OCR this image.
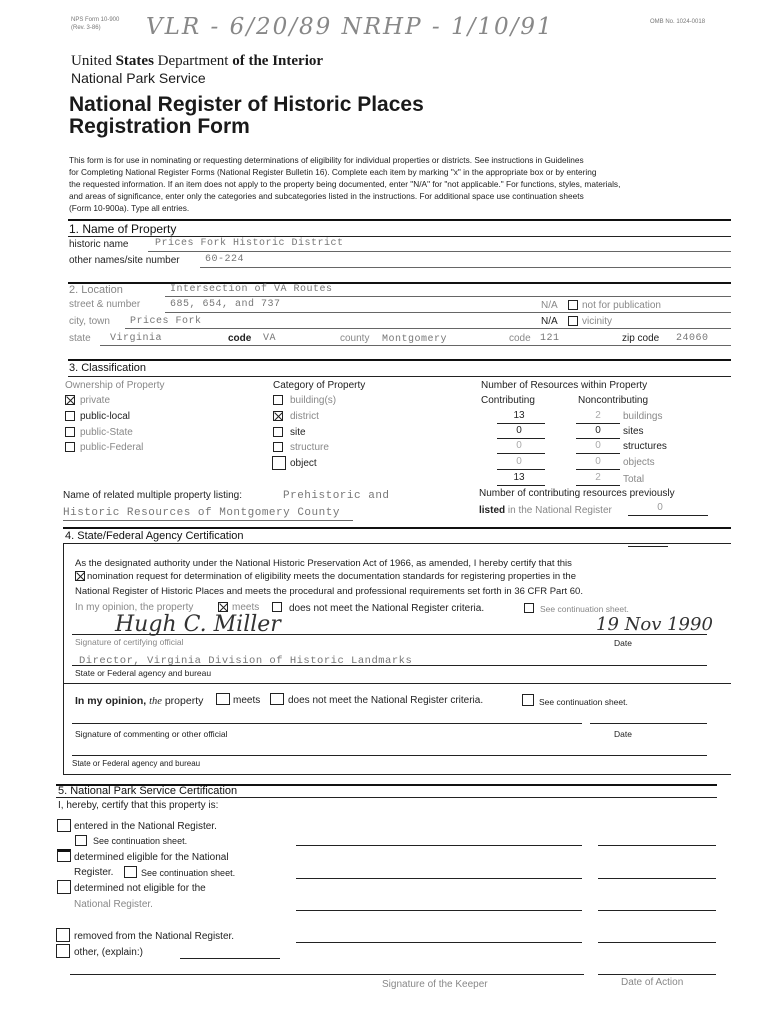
NPS Form 10-900
(Rev. 3-86) VLR - 6/20/89 NRHP - 1/10/91	OMB No. 1024-0018
United States Department of the Interior
National Park Service
National Register of Historic Places
Registration Form
This form is for use in nominating or requesting determinations of eligibility for individual properties or districts. See instructions in Guidelines
for Completing National Register Forms (National Register Bulletin 16). Complete each item by marking "x" in the appropriate box or by entering
the requested information. If an item does not apply to the property being documented, enter "N/A" for "not applicable." For functions, styles, materials,
and areas of significance, enter only the categories and subcategories listed in the instructions. For additional space use continuation sheets
(Form 10-900a). Type all entries.
1. Name of Property
historic name	Prices Fork Historic District
other names/site number	60-224
2. Location	Intersection of VA Routes
street & number	685, 654, and 737	N/A not for publication
city, town Prices Fork	N/A vicinity
state Virginia	code VA	county Montgomery	code 121	zip code 24060
3. Classification
Ownership of Property
private
public-local
public-State
public-Federal
Category of Property
building(s)
district
site
structure
object
Number of Resources within Property
Contributing	Noncontributing
13	2	buildings
0	0	sites
0	0	structures
0	0	objects
13	2	Total
Name of related multiple property listing:	Prehistoric and
Historic Resources of Montgomery County
Number of contributing resources previously
listed in the National Register	0
4. State/Federal Agency Certification
As the designated authority under the National Historic Preservation Act of 1966, as amended, I hereby certify that this
nomination request for determination of eligibility meets the documentation standards for registering properties in the
National Register of Historic Places and meets the procedural and professional requirements set forth in 36 CFR Part 60.
In my opinion, the property	meets	does not meet the National Register criteria.	See continuation sheet.
Hugh C. Miller	19 Nov 1990
Signature of certifying official	Date
Director, Virginia Division of Historic Landmarks
State or Federal agency and bureau
In my opinion, the property	meets	does not meet the National Register criteria.	See continuation sheet.
Signature of commenting or other official	Date
State or Federal agency and bureau
5. National Park Service Certification
I, hereby, certify that this property is:
entered in the National Register.
See continuation sheet.
determined eligible for the National
Register.	See continuation sheet.
determined not eligible for the
National Register.
removed from the National Register.
other, (explain:)
Signature of the Keeper	Date of Action
